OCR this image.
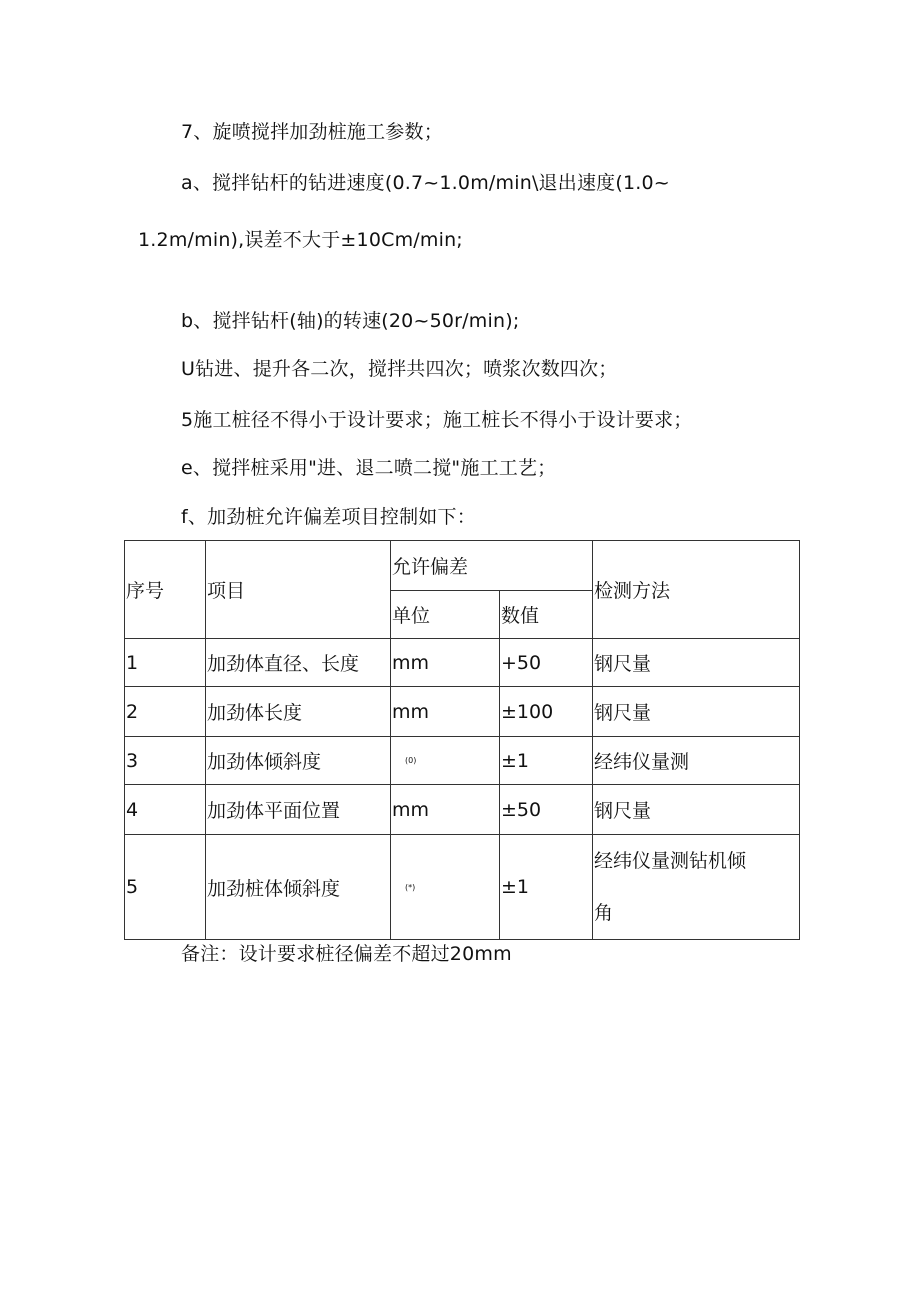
7、旋喷搅拌加劲桩施工参数；
a、搅拌钻杆的钻进速度(0.7~1.0m∕min\退出速度(1.0~
1.2m∕min),误差不大于±10Cm/min;
b、搅拌钻杆(轴)的转速(20~50r∕min);
U钻进、提升各二次，搅拌共四次；喷浆次数四次；
5施工桩径不得小于设计要求；施工桩长不得小于设计要求；
e、搅拌桩采用"进、退二喷二搅"施工工艺；
f、加劲桩允许偏差项目控制如下：
序号	项目	允许偏差		检测方法
		单位	数值	
1	加劲体直径、长度	mm	+50	钢尺量
2	加劲体长度	mm	±100	钢尺量
3	加劲体倾斜度	(0)	±1	经纬仪量测
4	加劲体平面位置	mm	±50	钢尺量
5	加劲桩体倾斜度	(*)	±1	经纬仪量测钻机倾
角
备注：设计要求桩径偏差不超过20mm
